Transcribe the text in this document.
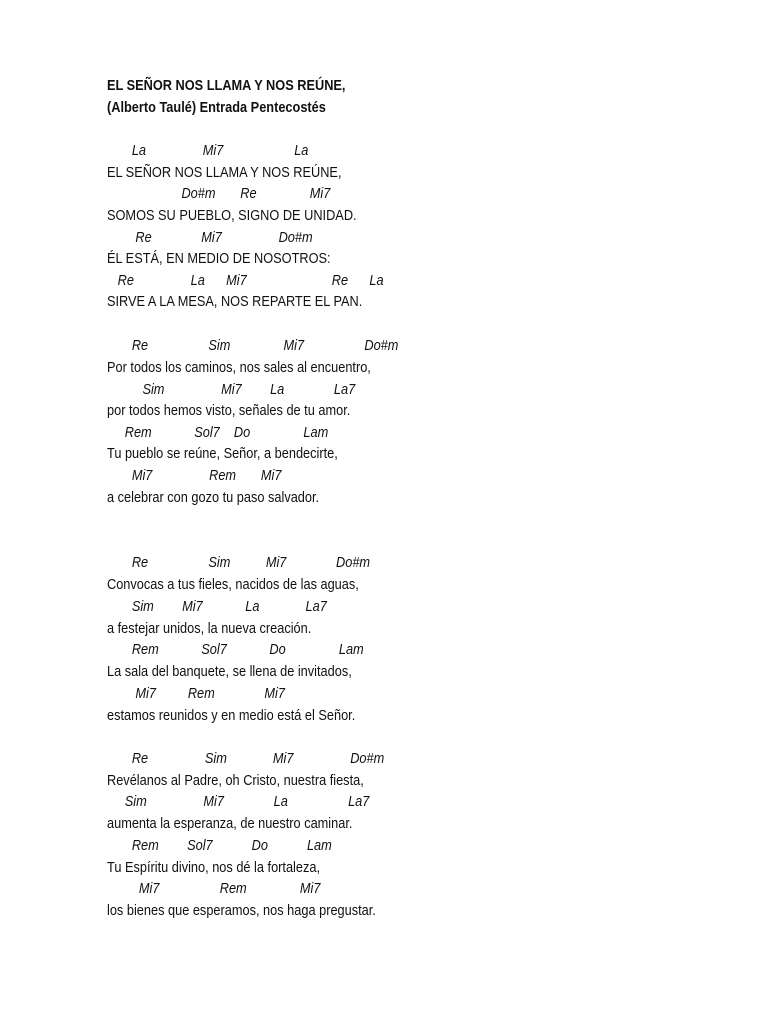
EL SEÑOR NOS LLAMA Y NOS REÚNE,
(Alberto Taulé) Entrada Pentecostés
La                Mi7                    La
EL SEÑOR NOS LLAMA Y NOS REÚNE,
Do#m       Re               Mi7
SOMOS SU PUEBLO, SIGNO DE UNIDAD.
Re              Mi7                Do#m
ÉL ESTÁ, EN MEDIO DE NOSOTROS:
Re                La      Mi7                        Re      La
SIRVE A LA MESA, NOS REPARTE EL PAN.
Re                 Sim               Mi7                 Do#m
Por todos los caminos, nos sales al encuentro,
Sim                Mi7        La              La7
por todos hemos visto, señales de tu amor.
Rem            Sol7    Do               Lam
Tu pueblo se reúne, Señor, a bendecirte,
Mi7                Rem       Mi7
a celebrar con gozo tu paso salvador.
Re                 Sim          Mi7              Do#m
Convocas a tus fieles, nacidos de las aguas,
Sim        Mi7            La             La7
a festejar unidos, la nueva creación.
Rem            Sol7            Do               Lam
La sala del banquete, se llena de invitados,
Mi7         Rem              Mi7
estamos reunidos y en medio está el Señor.
Re                Sim             Mi7                Do#m
Revélanos al Padre, oh Cristo, nuestra fiesta,
Sim                Mi7              La                 La7
aumenta la esperanza, de nuestro caminar.
Rem        Sol7           Do           Lam
Tu Espíritu divino, nos dé la fortaleza,
Mi7                 Rem               Mi7
los bienes que esperamos, nos haga pregustar.
